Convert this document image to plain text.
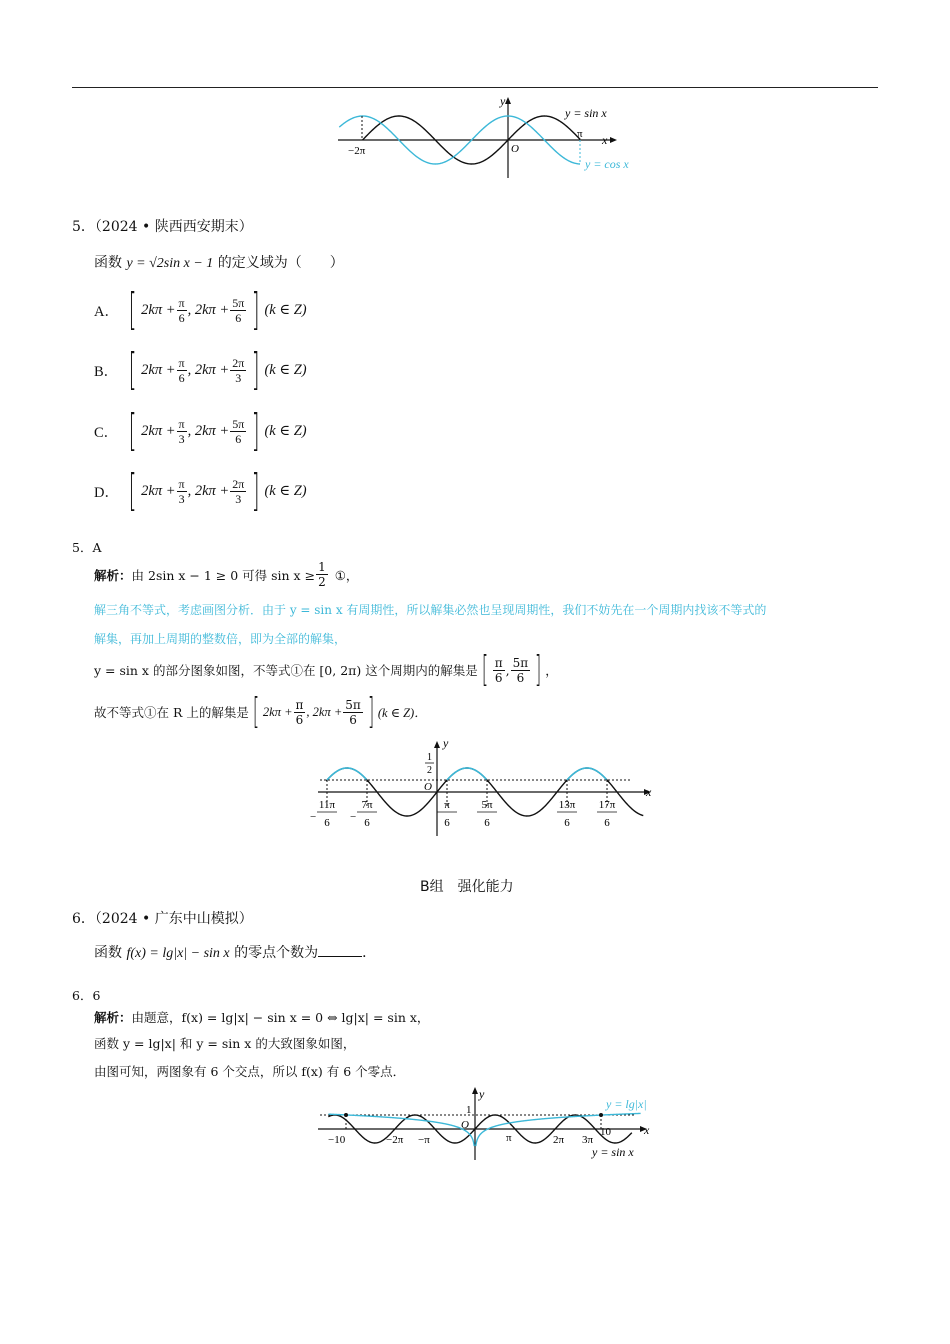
y
x
O
−2π
π
y = sin x
y = cos x
5．（2024 • 陕西西安期末）
函数 y = √2sin x − 1 的定义域为（　　）
A． [ $2k\pi + \frac{\pi}{6}$ , $2k\pi + \frac{5\pi}{6}$ ] (k ∈ Z)
B． [ $2k\pi + \frac{\pi}{6}$ , $2k\pi + \frac{2\pi}{3}$ ] (k ∈ Z)
C． [ $2k\pi + \frac{\pi}{3}$ , $2k\pi + \frac{5\pi}{6}$ ] (k ∈ Z)
D． [ $2k\pi + \frac{\pi}{3}$ , $2k\pi + \frac{2\pi}{3}$ ] (k ∈ Z)
5．A
解析： 由 2sin x − 1 ≥ 0 可得 $\sin x \ge \frac{1}{2}$ ①，
解三角不等式，考虑画图分析．由于 y = sin x 有周期性，所以解集必然也呈现周期性，我们不妨先在一个周期内找该不等式的
解集，再加上周期的整数倍，即为全部的解集，
y = sin x 的部分图象如图，不等式①在 [0, 2π) 这个周期内的解集是 [ $\frac{\pi}{6}$ , $\frac{5\pi}{6}$ ] ，
故不等式①在 R 上的解集是 [ $2k\pi + \frac{\pi}{6}$ , $2k\pi + \frac{5\pi}{6}$ ] (k ∈ Z)．
11π
6
−
7π
6
−
π
6
5π
6
13π
6
17π
6
y
x
O
1
2
B组　强化能力
6．（2024 • 广东中山模拟）
函数 f(x) = lg|x| − sin x 的零点个数为	．
6．6
解析：由题意，f(x) = lg|x| − sin x = 0 ⇔ lg|x| = sin x，
函数 y = lg|x| 和 y = sin x 的大致图象如图，
由图可知，两图象有 6 个交点，所以 f(x) 有 6 个零点．
y
x
O
1
−10	−2π −π	π	2π 3π
10
y = lg|x|
y = sin x
